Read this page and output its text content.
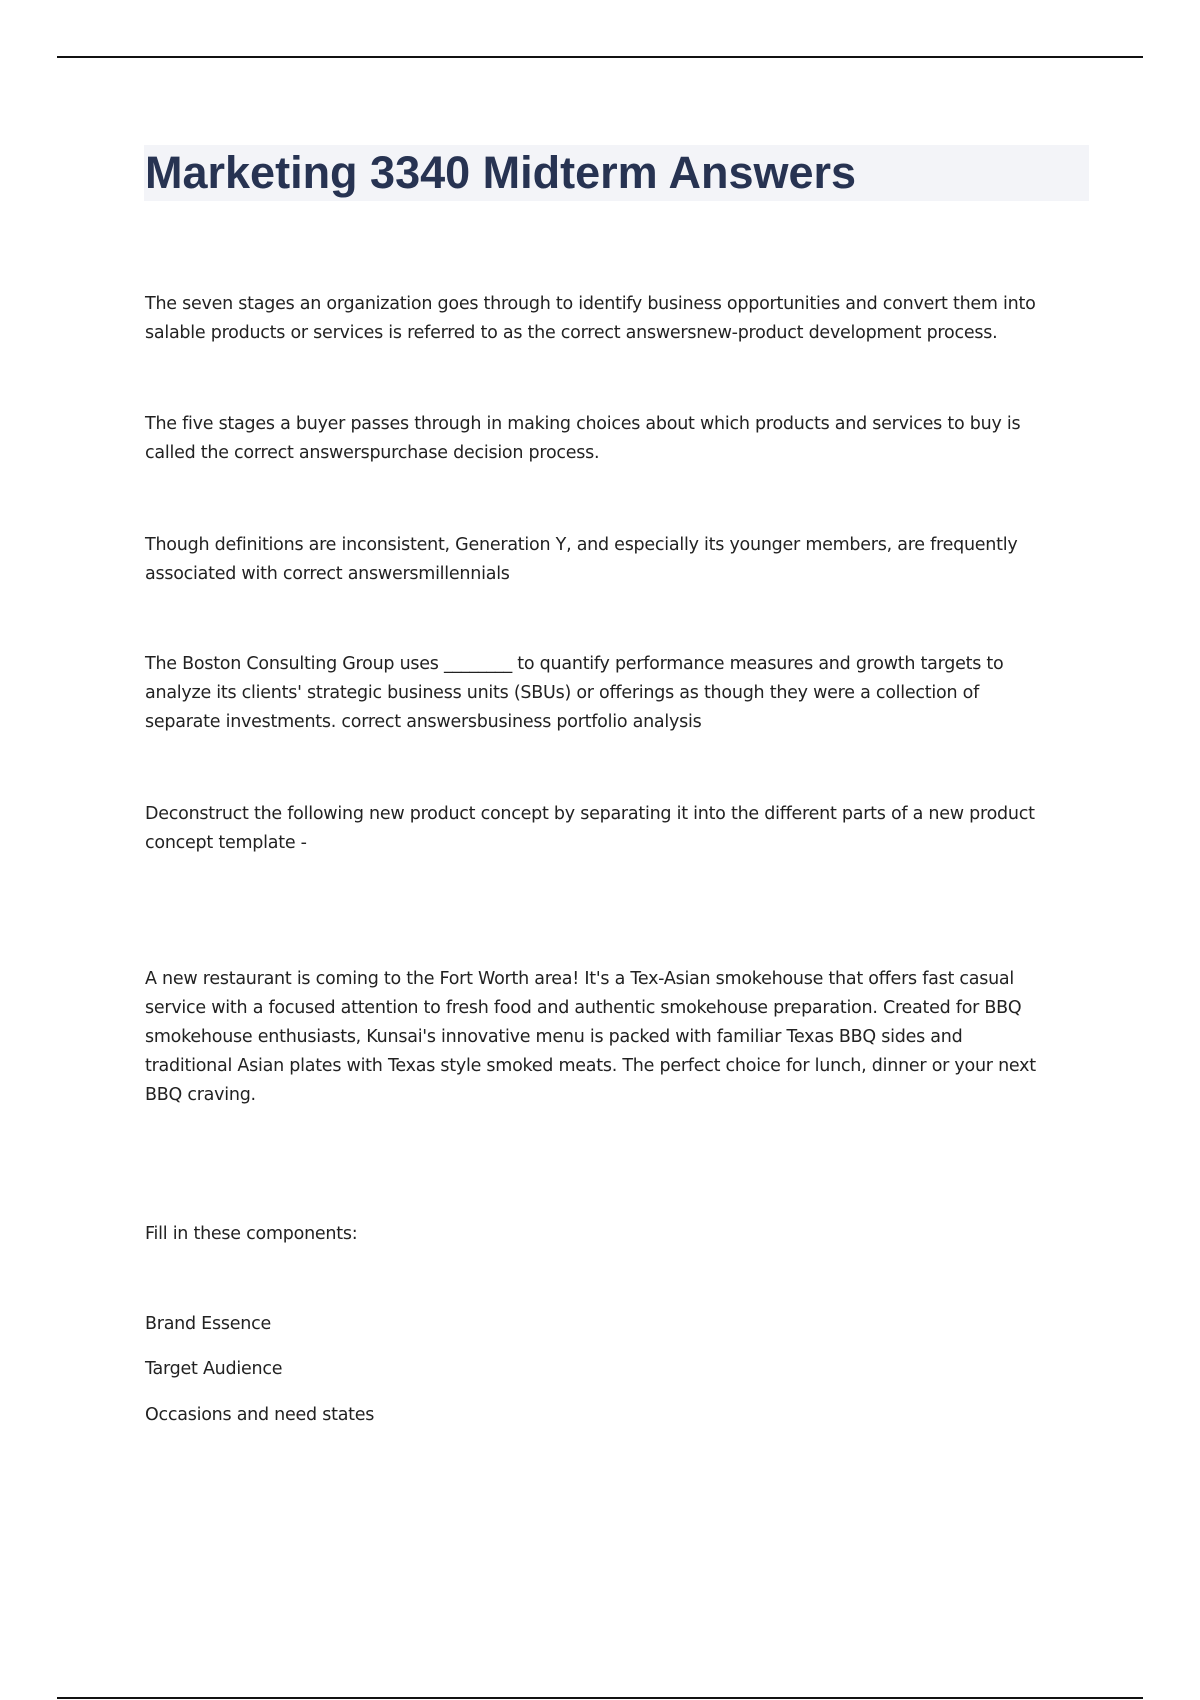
Marketing 3340 Midterm Answers

The seven stages an organization goes through to identify business opportunities and convert them into
salable products or services is referred to as the correct answersnew-product development process.

The five stages a buyer passes through in making choices about which products and services to buy is
called the correct answerspurchase decision process.

Though definitions are inconsistent, Generation Y, and especially its younger members, are frequently
associated with correct answersmillennials

The Boston Consulting Group uses ________ to quantify performance measures and growth targets to
analyze its clients' strategic business units (SBUs) or offerings as though they were a collection of
separate investments. correct answersbusiness portfolio analysis

Deconstruct the following new product concept by separating it into the different parts of a new product
concept template -

A new restaurant is coming to the Fort Worth area! It's a Tex-Asian smokehouse that offers fast casual
service with a focused attention to fresh food and authentic smokehouse preparation. Created for BBQ
smokehouse enthusiasts, Kunsai's innovative menu is packed with familiar Texas BBQ sides and
traditional Asian plates with Texas style smoked meats. The perfect choice for lunch, dinner or your next
BBQ craving.

Fill in these components:

Brand Essence

Target Audience

Occasions and need states
